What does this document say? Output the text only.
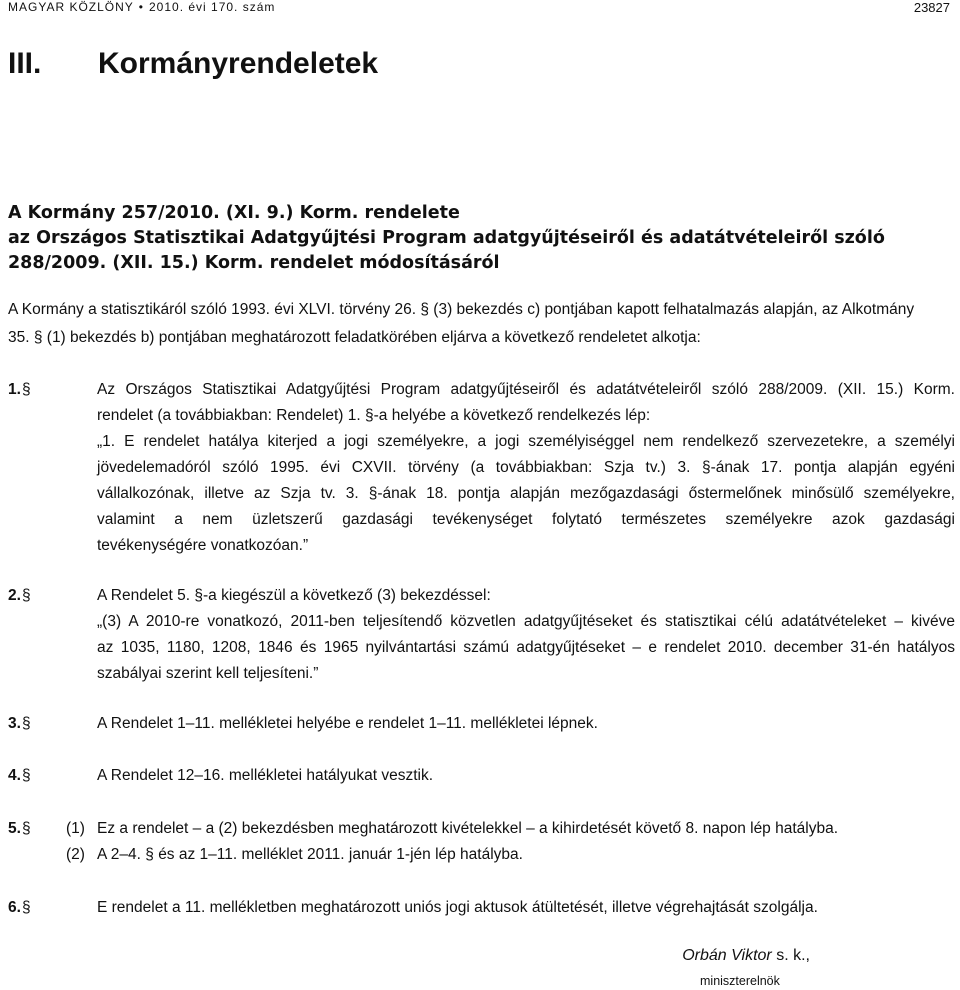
MAGYAR KÖZLÖNY • 2010. évi 170. szám	23827
III. Kormányrendeletek
A Kormány 257/2010. (XI. 9.) Korm. rendelete
az Országos Statisztikai Adatgyűjtési Program adatgyűjtéseiről és adatátvételeiről szóló
288/2009. (XII. 15.) Korm. rendelet módosításáról
A Kormány a statisztikáról szóló 1993. évi XLVI. törvény 26. § (3) bekezdés c) pontjában kapott felhatalmazás alapján, az Alkotmány
35. § (1) bekezdés b) pontjában meghatározott feladatkörében eljárva a következő rendeletet alkotja:
1. §	Az Országos Statisztikai Adatgyűjtési Program adatgyűjtéseiről és adatátvételeiről szóló 288/2009. (XII. 15.) Korm.
rendelet (a továbbiakban: Rendelet) 1. §-a helyébe a következő rendelkezés lép:
„1. E rendelet hatálya kiterjed a jogi személyekre, a jogi személyiséggel nem rendelkező szervezetekre, a személyi
jövedelemadóról szóló 1995. évi CXVII. törvény (a továbbiakban: Szja tv.) 3. §-ának 17. pontja alapján egyéni
vállalkozónak, illetve az Szja tv. 3. §-ának 18. pontja alapján mezőgazdasági őstermelőnek minősülő személyekre,
valamint a nem üzletszerű gazdasági tevékenységet folytató természetes személyekre azok gazdasági
tevékenységére vonatkozóan.”
2. §	A Rendelet 5. §-a kiegészül a következő (3) bekezdéssel:
„(3) A 2010-re vonatkozó, 2011-ben teljesítendő közvetlen adatgyűjtéseket és statisztikai célú adatátvételeket – kivéve
az 1035, 1180, 1208, 1846 és 1965 nyilvántartási számú adatgyűjtéseket – e rendelet 2010. december 31-én hatályos
szabályai szerint kell teljesíteni.”
3. §	A Rendelet 1–11. mellékletei helyébe e rendelet 1–11. mellékletei lépnek.
4. §	A Rendelet 12–16. mellékletei hatályukat vesztik.
5. § (1) Ez a rendelet – a (2) bekezdésben meghatározott kivételekkel – a kihirdetését követő 8. napon lép hatályba.
(2) A 2–4. § és az 1–11. melléklet 2011. január 1-jén lép hatályba.
6. §	E rendelet a 11. mellékletben meghatározott uniós jogi aktusok átültetését, illetve végrehajtását szolgálja.
Orbán Viktor s. k.,
miniszterelnök
